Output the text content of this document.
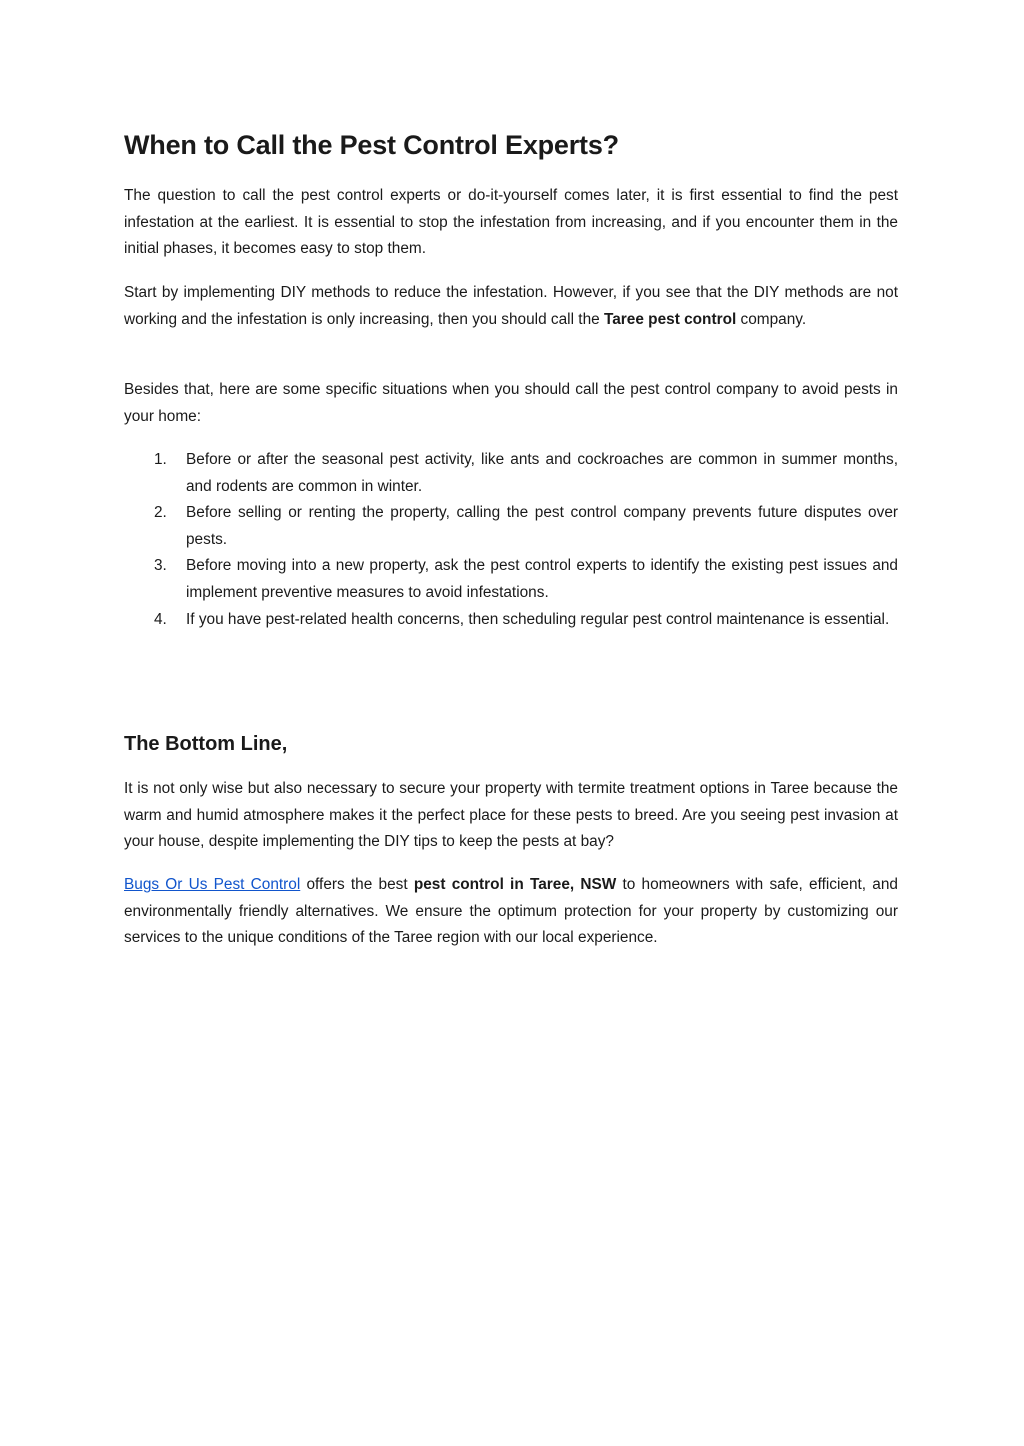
When to Call the Pest Control Experts?

The question to call the pest control experts or do-it-yourself comes later, it is first essential to find the pest infestation at the earliest. It is essential to stop the infestation from increasing, and if you encounter them in the initial phases, it becomes easy to stop them.

Start by implementing DIY methods to reduce the infestation. However, if you see that the DIY methods are not working and the infestation is only increasing, then you should call the Taree pest control company.

Besides that, here are some specific situations when you should call the pest control company to avoid pests in your home:

1. Before or after the seasonal pest activity, like ants and cockroaches are common in summer months, and rodents are common in winter.
2. Before selling or renting the property, calling the pest control company prevents future disputes over pests.
3. Before moving into a new property, ask the pest control experts to identify the existing pest issues and implement preventive measures to avoid infestations.
4. If you have pest-related health concerns, then scheduling regular pest control maintenance is essential.
The Bottom Line,

It is not only wise but also necessary to secure your property with termite treatment options in Taree because the warm and humid atmosphere makes it the perfect place for these pests to breed. Are you seeing pest invasion at your house, despite implementing the DIY tips to keep the pests at bay?

Bugs Or Us Pest Control offers the best pest control in Taree, NSW to homeowners with safe, efficient, and environmentally friendly alternatives. We ensure the optimum protection for your property by customizing our services to the unique conditions of the Taree region with our local experience.
